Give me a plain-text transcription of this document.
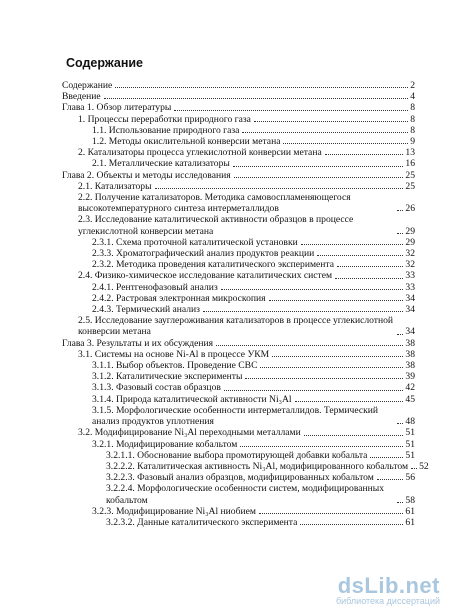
Содержание
Содержание	2
Введение	4
Глава 1. Обзор литературы	8
1. Процессы переработки природного газа	8
1.1. Использование природного газа	8
1.2. Методы окислительной конверсии метана	9
2. Катализаторы процесса углекислотной конверсии метана	13
2.1. Металлические катализаторы	16
Глава 2. Объекты и методы исследования	25
2.1. Катализаторы	25
2.2. Получение катализаторов. Методика самовоспламеняющегося высокотемпературного синтеза интерметаллидов	26
2.3. Исследование каталитической активности образцов в процессе углекислотной конверсии метана	29
2.3.1. Схема проточной каталитической установки	29
2.3.3. Хроматографический анализ продуктов реакции	32
2.3.2. Методика проведения каталитического эксперимента	32
2.4. Физико-химическое исследование каталитических систем	33
2.4.1. Рентгенофазовый анализ	33
2.4.2. Растровая электронная микроскопия	34
2.4.3. Термический анализ	34
2.5. Исследование зауглероживания катализаторов в процессе углекислотной конверсии метана	34
Глава 3. Результаты и их обсуждения	38
3.1. Системы на основе Ni-Al в процессе УКМ	38
3.1.1. Выбор объектов. Проведение СВС	38
3.1.2. Каталитические эксперименты	39
3.1.3. Фазовый состав образцов	42
3.1.4. Природа каталитической активности Ni₃Al	45
3.1.5. Морфологические особенности интерметаллидов. Термический анализ продуктов уплотнения	48
3.2. Модифицирование Ni₃Al переходными металлами	51
3.2.1. Модифицирование кобальтом	51
3.2.1.1. Обоснование выбора промотирующей добавки кобальта	51
3.2.2.2. Каталитическая активность Ni₃Al, модифицированного кобальтом 52
3.2.2.3. Фазовый анализ образцов, модифицированных кобальтом	56
3.2.2.4. Морфологические особенности систем, модифицированных кобальтом	58
3.2.3. Модифицирование Ni₃Al ниобием	61
3.2.3.2. Данные каталитического эксперимента	61
dsLib.net
библиотека диссертаций
